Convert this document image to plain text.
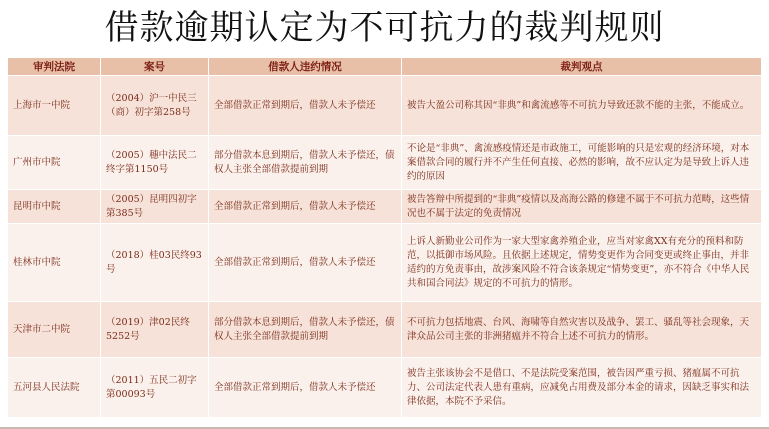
借款逾期认定为不可抗力的裁判规则
审判法院	案号	借款人违约情况	裁判观点
上海市一中院	（2004）沪一中民三（商）初字第258号	全部借款正常到期后，借款人未予偿还	被告大盈公司称其因“非典”和禽流感等不可抗力导致还款不能的主张，不能成立。
广州市中院	（2005）穗中法民二终字第1150号	部分借款本息到期后，借款人未予偿还，债权人主张全部借款提前到期	不论是“非典”、禽流感疫情还是市政施工，可能影响的只是宏观的经济环境，对本案借款合同的履行并不产生任何直接、必然的影响，故不应认定为是导致上诉人违约的原因
昆明市中院	（2005）昆明四初字第385号	全部借款正常到期后，借款人未予偿还	被告答辩中所提到的“非典”疫情以及高海公路的修建不属于不可抗力范畴，这些情况也不属于法定的免责情况
桂林市中院	（2018）桂03民终93号	全部借款正常到期后，借款人未予偿还	上诉人新勤业公司作为一家大型家禽养殖企业，应当对家禽XX有充分的预料和防范，以抵御市场风险。且依据上述规定，情势变更作为合同变更或终止事由，并非适约的方免责事由，故涉案风险不符合该条规定“情势变更”，亦不符合《中华人民共和国合同法》规定的不可抗力的情形。
天津市二中院	（2019）津02民终5252号	部分借款本息到期后，借款人未予偿还，债权人主张全部借款提前到期	不可抗力包括地震、台风、海啸等自然灾害以及战争、罢工、骚乱等社会现象，天津众品公司主张的非洲猪瘟并不符合上述不可抗力的情形。
五河县人民法院	（2011）五民二初字第00093号	全部借款正常到期后，借款人未予偿还	被告主张该协会不是借口、不是法院受案范围，被告因严重亏损、猪瘟属不可抗力、公司法定代表人患有重病，应减免占用费及部分本金的请求，因缺乏事实和法律依据，本院不予采信。
